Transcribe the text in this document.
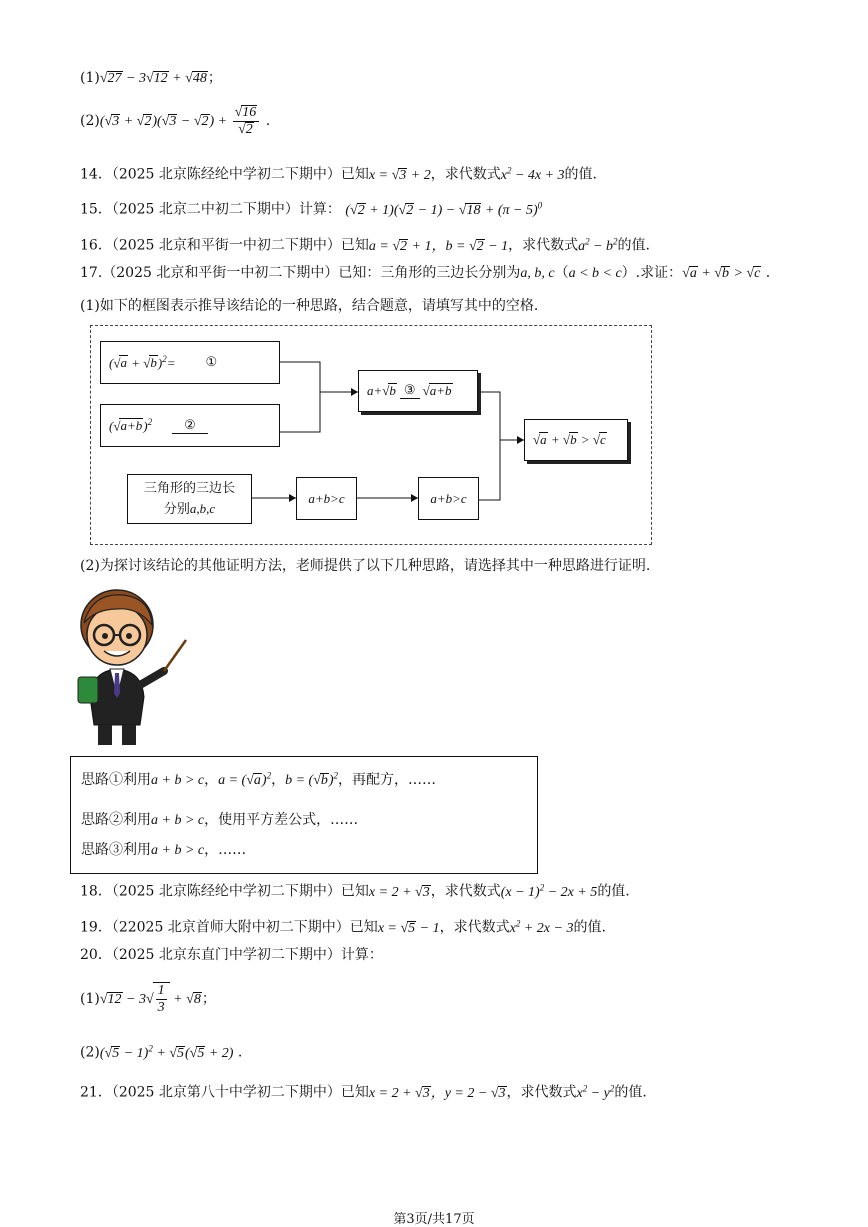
(1)√27 − 3√12 + √48；
$(2)(√3 + √2)(√3 - √2) + \frac{√16}{√2}$ .
14．（2025 北京陈经纶中学初二下期中）已知x = √3 + 2，求代数式$x^2 - 4x + 3$的值.
15．（2025 北京二中初二下期中）计算： $(√2 + 1)(√2 - 1) - √18 + (\pi - 5)^0$
16．（2025 北京和平街一中初二下期中）已知a = √2 + 1，b = √2 − 1，求代数式$a^2 - b^2$的值.
17.（2025 北京和平街一中初二下期中）已知：三角形的三边长分别为a, b, c（a < b < c）.求证：√a + √b > √c .
(1)如下的框图表示推导该结论的一种思路，结合题意，请填写其中的空格.
$(√a + √b)^2=$ ①
$(√a+b)^2$	②
a+√b ③ √a+b
√a + √b > √c
三角形的三边长
分别a,b,c
a+b>c	a+b>c
(2)为探讨该结论的其他证明方法，老师提供了以下几种思路，请选择其中一种思路进行证明.
思路①利用a + b > c，$a = (√a)^2$，$b = (√b)^2$，再配方，……
思路②利用a + b > c，使用平方差公式，……
思路③利用a + b > c，……
18．（2025 北京陈经纶中学初二下期中）已知x = 2 + √3，求代数式$(x - 1)^2 - 2x + 5$的值.
19．（22025 北京首师大附中初二下期中）已知x = √5 − 1，求代数式$x^2 + 2x - 3$的值.
20．（2025 北京东直门中学初二下期中）计算：
$(1)√12 - 3√ \frac{1}{3} + √8$；
$(2)(√5 - 1)^2 + √5(√5 + 2)$ .
21．（2025 北京第八十中学初二下期中）已知x = 2 + √3，y = 2 − √3，求代数式$x^2 - y^2$的值.
第3页/共17页
